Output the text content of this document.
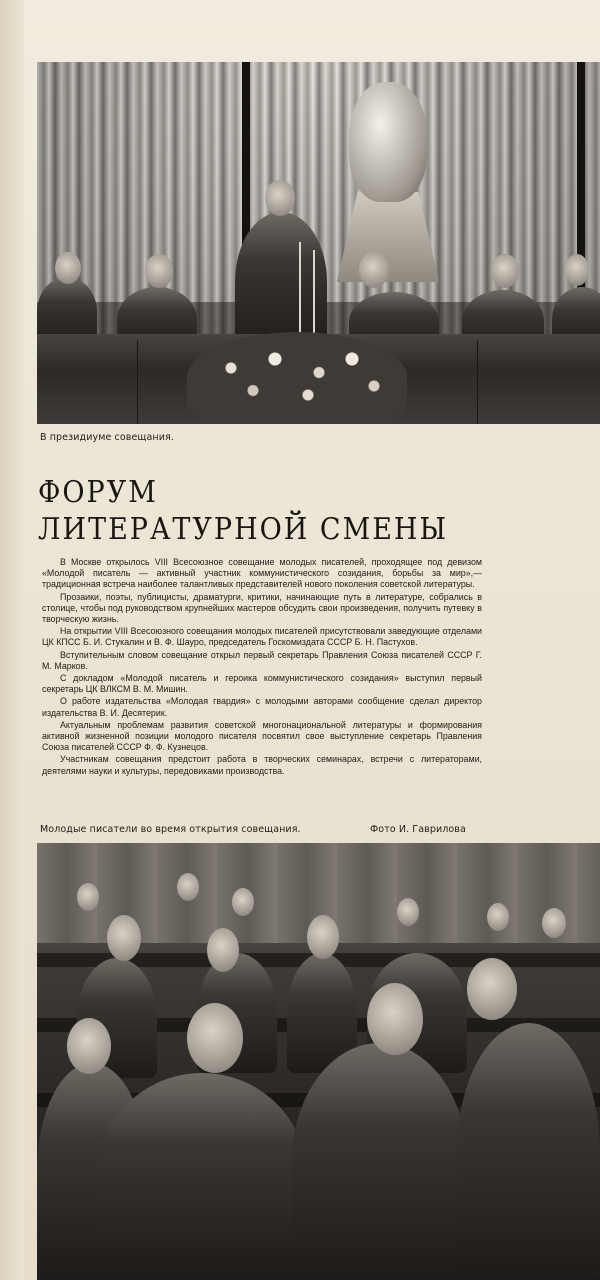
В президиуме совещания.
ФОРУМ
ЛИТЕРАТУРНОЙ СМЕНЫ

В Москве открылось VIII Всесоюзное совещание молодых писателей, проходящее под девизом «Молодой писатель — активный участник коммунистического созидания, борьбы за мир»,— традиционная встреча наиболее талантливых представителей нового поколения советской литературы.

Прозаики, поэты, публицисты, драматурги, критики, начинающие путь в литературе, собрались в столице, чтобы под руководством крупнейших мастеров обсудить свои произведения, получить путевку в творческую жизнь.

На открытии VIII Всесоюзного совещания молодых писателей присутствовали заведующие отделами ЦК КПСС Б. И. Стукалин и В. Ф. Шауро, председатель Госкомиздата СССР Б. Н. Пастухов.

Вступительным словом совещание открыл первый секретарь Правления Союза писателей СССР Г. М. Марков.

С докладом «Молодой писатель и героика коммунистического созидания» выступил первый секретарь ЦК ВЛКСМ В. М. Мишин.

О работе издательства «Молодая гвардия» с молодыми авторами сообщение сделал директор издательства В. И. Десятерик.

Актуальным проблемам развития советской многонациональной литературы и формирования активной жизненной позиции молодого писателя посвятил свое выступление секретарь Правления Союза писателей СССР Ф. Ф. Кузнецов.

Участникам совещания предстоит работа в творческих семинарах, встречи с литераторами, деятелями науки и культуры, передовиками производства.

Молодые писатели во время открытия совещания.	Фото И. Гаврилова
